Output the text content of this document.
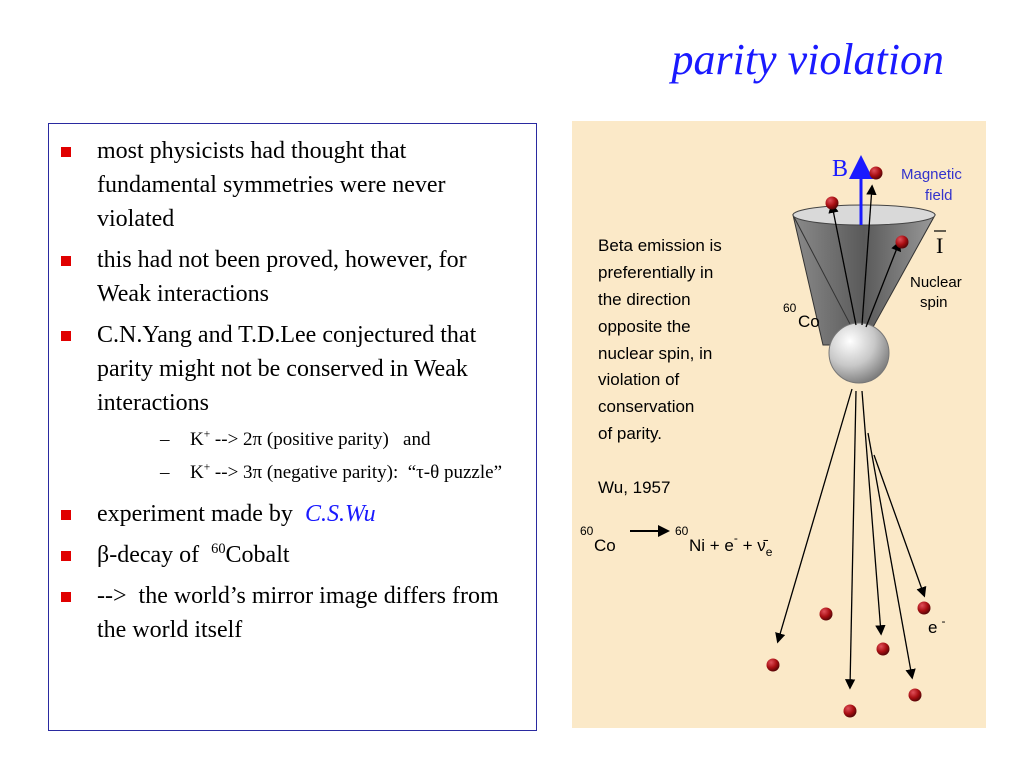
parity violation
most physicists had thought that fundamental symmetries were never violated
this had not been proved, however, for Weak interactions
C.N.Yang and T.D.Lee conjectured that parity might not be conserved in Weak interactions
– K+ --> 2π (positive parity)   and
– K+ --> 3π (negative parity):  “τ-θ puzzle”
experiment made by  C.S.Wu
β-decay of  $^{60}$Cobalt
-->  the world’s mirror image differs from the world itself
B	Magnetic
field
I
Nuclear
spin
60
Co
Beta emission is
preferentially in
the direction
opposite the
nuclear spin, in
violation of
conservation
of parity.
Wu, 1957
60
Co
60
$Ni + e^- + \nū_e$
e -
